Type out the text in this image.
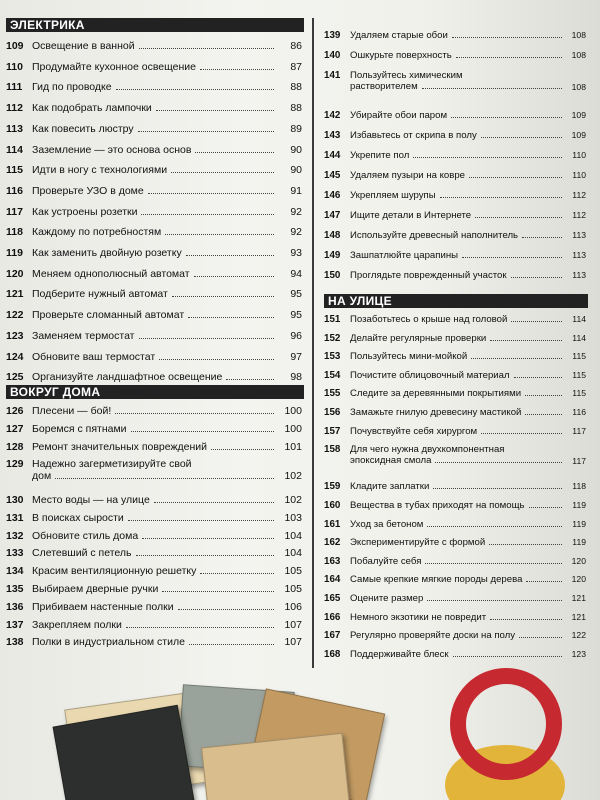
ЭЛЕКТРИКА
109 Освещение в ванной	86
110 Продумайте кухонное освещение	87
111 Гид по проводке	88
112 Как подобрать лампочки	88
113 Как повесить люстру	89
114 Заземление — это основа основ	90
115 Идти в ногу с технологиями	90
116 Проверьте УЗО в доме	91
117 Как устроены розетки	92
118 Каждому по потребностям	92
119 Как заменить двойную розетку	93
120 Меняем однополюсный автомат	94
121 Подберите нужный автомат	95
122 Проверьте сломанный автомат	95
123 Заменяем термостат	96
124 Обновите ваш термостат	97
125 Организуйте ландшафтное освещение	98
ВОКРУГ ДОМА
126 Плесени — бой!	100
127 Боремся с пятнами	100
128 Ремонт значительных повреждений	101
129 Надежно загерметизируйте свой
дом	102
130 Место воды — на улице	102
131 В поисках сырости	103
132 Обновите стиль дома	104
133 Слетевший с петель	104
134 Красим вентиляционную решетку	105
135 Выбираем дверные ручки	105
136 Прибиваем настенные полки	106
137 Закрепляем полки	107
138 Полки в индустриальном стиле	107
139	Удаляем старые обои	108
140	Ошкурьте поверхность	108
141	Пользуйтесь химическим
растворителем	108
142	Убирайте обои паром	109
143	Избавьтесь от скрипа в полу	109
144	Укрепите пол	110
145	Удаляем пузыри на ковре	110
146	Укрепляем шурупы	112
147	Ищите детали в Интернете	112
148	Используйте древесный наполнитель	113
149	Зашпатлюйте царапины	113
150	Проглядьте поврежденный участок	113
НА УЛИЦЕ
151	Позаботьтесь о крыше над головой	114
152	Делайте регулярные проверки	114
153	Пользуйтесь мини-мойкой	115
154	Почистите облицовочный материал	115
155	Следите за деревянными покрытиями	115
156	Замажьте гнилую древесину мастикой	116
157	Почувствуйте себя хирургом	117
158	Для чего нужна двухкомпонентная
эпоксидная смола	117
159	Кладите заплатки	118
160	Вещества в тубах приходят на помощь	119
161	Уход за бетоном	119
162	Экспериментируйте с формой	119
163	Побалуйте себя	120
164	Самые крепкие мягкие породы дерева	120
165	Оцените размер	121
166	Немного экзотики не повредит	121
167	Регулярно проверяйте доски на полу	122
168	Поддерживайте блеск	123
